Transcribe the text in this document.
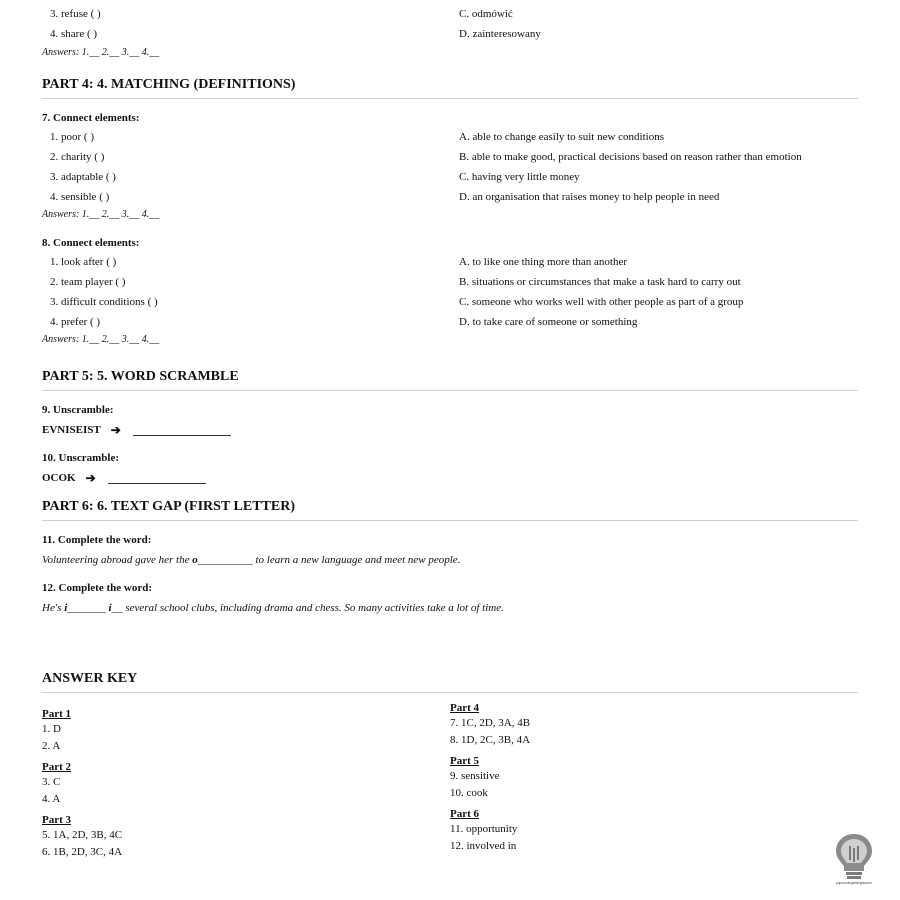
3. refuse ( )	C. odmówić
4. share ( )	D. zainteresowany
Answers: 1.__ 2.__ 3.__ 4.__
PART 4: 4. MATCHING (DEFINITIONS)
7. Connect elements:
1. poor ( )	A. able to change easily to suit new conditions
2. charity ( )	B. able to make good, practical decisions based on reason rather than emotion
3. adaptable ( )	C. having very little money
4. sensible ( )	D. an organisation that raises money to help people in need
Answers: 1.__ 2.__ 3.__ 4.__
8. Connect elements:
1. look after ( )	A. to like one thing more than another
2. team player ( )	B. situations or circumstances that make a task hard to carry out
3. difficult conditions ( )	C. someone who works well with other people as part of a group
4. prefer ( )	D. to take care of someone or something
Answers: 1.__ 2.__ 3.__ 4.__
PART 5: 5. WORD SCRAMBLE
9. Unscramble:
EVNISEIST ➔
10. Unscramble:
OCOK ➔
PART 6: 6. TEXT GAP (FIRST LETTER)
11. Complete the word:
Volunteering abroad gave her the o__________ to learn a new language and meet new people.
12. Complete the word:
He's i_______ i__ several school clubs, including drama and chess. So many activities take a lot of time.
ANSWER KEY
Part 1
1. D
2. A
Part 2
3. C
4. A
Part 3
5. 1A, 2D, 3B, 4C
6. 1B, 2D, 3C, 4A
Part 4
7. 1C, 2D, 3A, 4B
8. 1D, 2C, 3B, 4A
Part 5
9. sensitive
10. cook
Part 6
11. opportunity
12. involved in
popcornangielskigraczem
